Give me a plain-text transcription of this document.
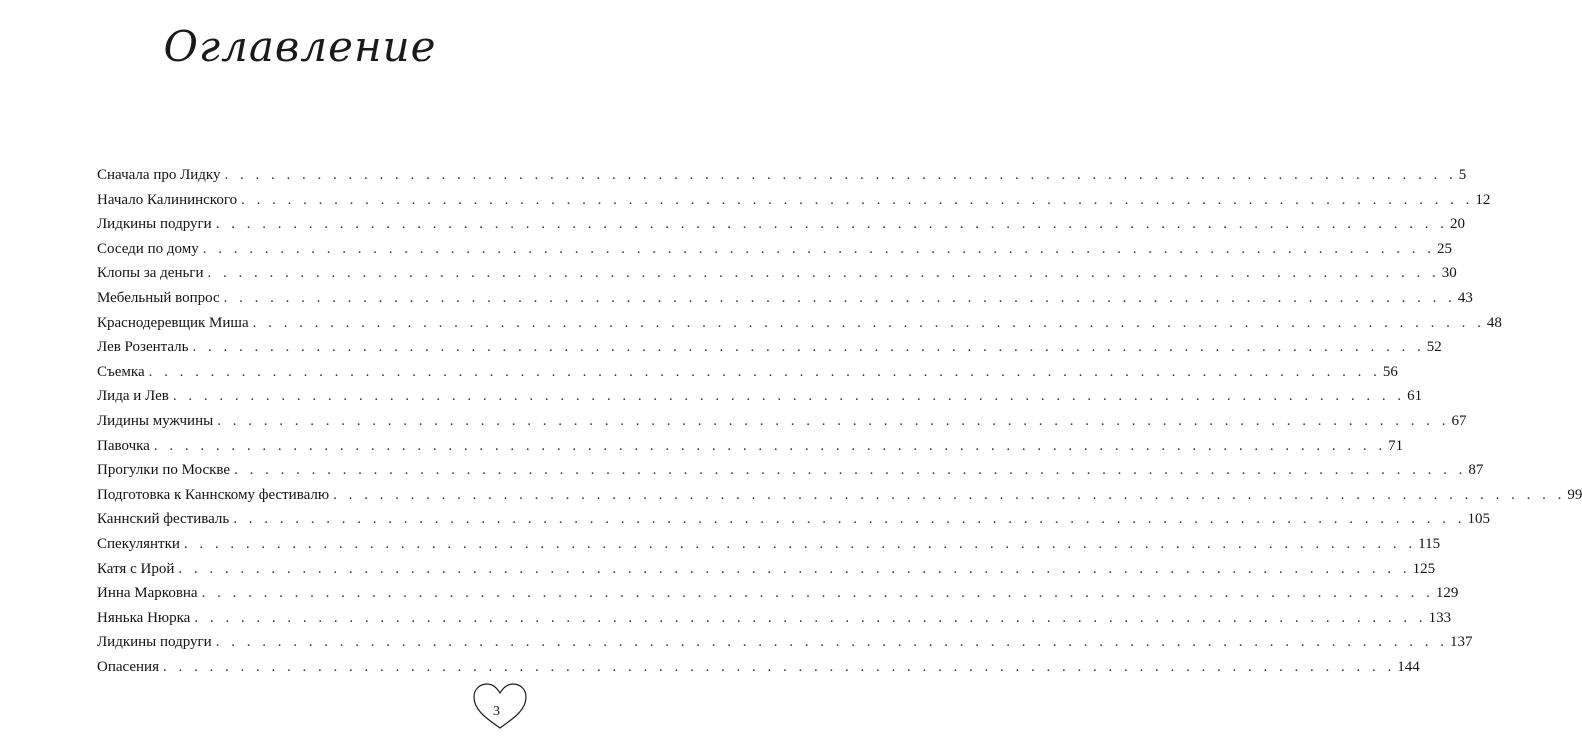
Оглавление
Сначала про Лидку . . . . . . . . . . . . . . . . . . . . . . . . . . . . . . . . . . . . . . . . . . . . . . . . . . . . . . . . . . . . . . . . . . . . . . . . . . . . . . . . 5
Начало Калининского . . . . . . . . . . . . . . . . . . . . . . . . . . . . . . . . . . . . . . . . . . . . . . . . . . . . . . . . . . . . . . . . . . . . . . . . . . . . . . . . 12
Лидкины подруги . . . . . . . . . . . . . . . . . . . . . . . . . . . . . . . . . . . . . . . . . . . . . . . . . . . . . . . . . . . . . . . . . . . . . . . . . . . . . . . . 20
Соседи по дому . . . . . . . . . . . . . . . . . . . . . . . . . . . . . . . . . . . . . . . . . . . . . . . . . . . . . . . . . . . . . . . . . . . . . . . . . . . . . . . . 25
Клопы за деньги . . . . . . . . . . . . . . . . . . . . . . . . . . . . . . . . . . . . . . . . . . . . . . . . . . . . . . . . . . . . . . . . . . . . . . . . . . . . . . . . 30
Мебельный вопрос . . . . . . . . . . . . . . . . . . . . . . . . . . . . . . . . . . . . . . . . . . . . . . . . . . . . . . . . . . . . . . . . . . . . . . . . . . . . . . . . 43
Краснодеревщик Миша . . . . . . . . . . . . . . . . . . . . . . . . . . . . . . . . . . . . . . . . . . . . . . . . . . . . . . . . . . . . . . . . . . . . . . . . . . . . . . . . 48
Лев Розенталь . . . . . . . . . . . . . . . . . . . . . . . . . . . . . . . . . . . . . . . . . . . . . . . . . . . . . . . . . . . . . . . . . . . . . . . . . . . . . . . . 52
Съемка . . . . . . . . . . . . . . . . . . . . . . . . . . . . . . . . . . . . . . . . . . . . . . . . . . . . . . . . . . . . . . . . . . . . . . . . . . . . . . . . 56
Лида и Лев . . . . . . . . . . . . . . . . . . . . . . . . . . . . . . . . . . . . . . . . . . . . . . . . . . . . . . . . . . . . . . . . . . . . . . . . . . . . . . . . 61
Лидины мужчины . . . . . . . . . . . . . . . . . . . . . . . . . . . . . . . . . . . . . . . . . . . . . . . . . . . . . . . . . . . . . . . . . . . . . . . . . . . . . . . . 67
Павочка . . . . . . . . . . . . . . . . . . . . . . . . . . . . . . . . . . . . . . . . . . . . . . . . . . . . . . . . . . . . . . . . . . . . . . . . . . . . . . . . 71
Прогулки по Москве . . . . . . . . . . . . . . . . . . . . . . . . . . . . . . . . . . . . . . . . . . . . . . . . . . . . . . . . . . . . . . . . . . . . . . . . . . . . . . . . 87
Подготовка к Каннскому фестивалю . . . . . . . . . . . . . . . . . . . . . . . . . . . . . . . . . . . . . . . . . . . . . . . . . . . . . . . . . . . . . . . . . . . . . . . . . . . . . . . . 99
Каннский фестиваль . . . . . . . . . . . . . . . . . . . . . . . . . . . . . . . . . . . . . . . . . . . . . . . . . . . . . . . . . . . . . . . . . . . . . . . . . . . . . . . . 105
Спекулянтки . . . . . . . . . . . . . . . . . . . . . . . . . . . . . . . . . . . . . . . . . . . . . . . . . . . . . . . . . . . . . . . . . . . . . . . . . . . . . . . . 115
Катя с Ирой . . . . . . . . . . . . . . . . . . . . . . . . . . . . . . . . . . . . . . . . . . . . . . . . . . . . . . . . . . . . . . . . . . . . . . . . . . . . . . . . 125
Инна Марковна . . . . . . . . . . . . . . . . . . . . . . . . . . . . . . . . . . . . . . . . . . . . . . . . . . . . . . . . . . . . . . . . . . . . . . . . . . . . . . . . 129
Нянька Нюрка . . . . . . . . . . . . . . . . . . . . . . . . . . . . . . . . . . . . . . . . . . . . . . . . . . . . . . . . . . . . . . . . . . . . . . . . . . . . . . . . 133
Лидкины подруги . . . . . . . . . . . . . . . . . . . . . . . . . . . . . . . . . . . . . . . . . . . . . . . . . . . . . . . . . . . . . . . . . . . . . . . . . . . . . . . . 137
Опасения . . . . . . . . . . . . . . . . . . . . . . . . . . . . . . . . . . . . . . . . . . . . . . . . . . . . . . . . . . . . . . . . . . . . . . . . . . . . . . . . 144
3
